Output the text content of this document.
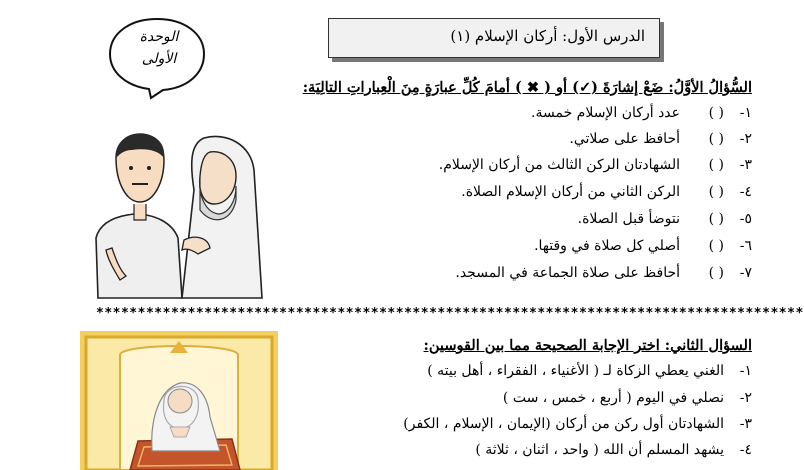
الدرس الأول: أركان الإسلام (١)
الوحدة
الأولى
السُّؤالُ الأوَّلُ: ضَعْ إشارَةَ (✓) أو ( ✖ ) أمامَ كُلِّ عبارَةٍ مِنَ الْعِباراتِ التالِيَة:
١-( )عدد أركان الإسلام خمسة.
٢-( )أحافظ على صلاتي.
٣-( )الشهادتان الركن الثالث من أركان الإسلام.
٤-( )الركن الثاني من أركان الإسلام الصلاة.
٥-( )نتوضأ قبل الصلاة.
٦-( )أصلي كل صلاة في وقتها.
٧-( )أحافظ على صلاة الجماعة في المسجد.
*************************************************************************************
السؤال الثاني: اختر الإجابة الصحيحة مما بين القوسين:
١-الغني يعطي الزكاة لـ ( الأغنياء ، الفقراء ، أهل بيته )
٢-نصلي في اليوم ( أربع ، خمس ، ست )
٣-الشهادتان أول ركن من أركان (الإيمان ، الإسلام ، الكفر)
٤-يشهد المسلم أن الله ( واحد ، اثنان ، ثلاثة )
